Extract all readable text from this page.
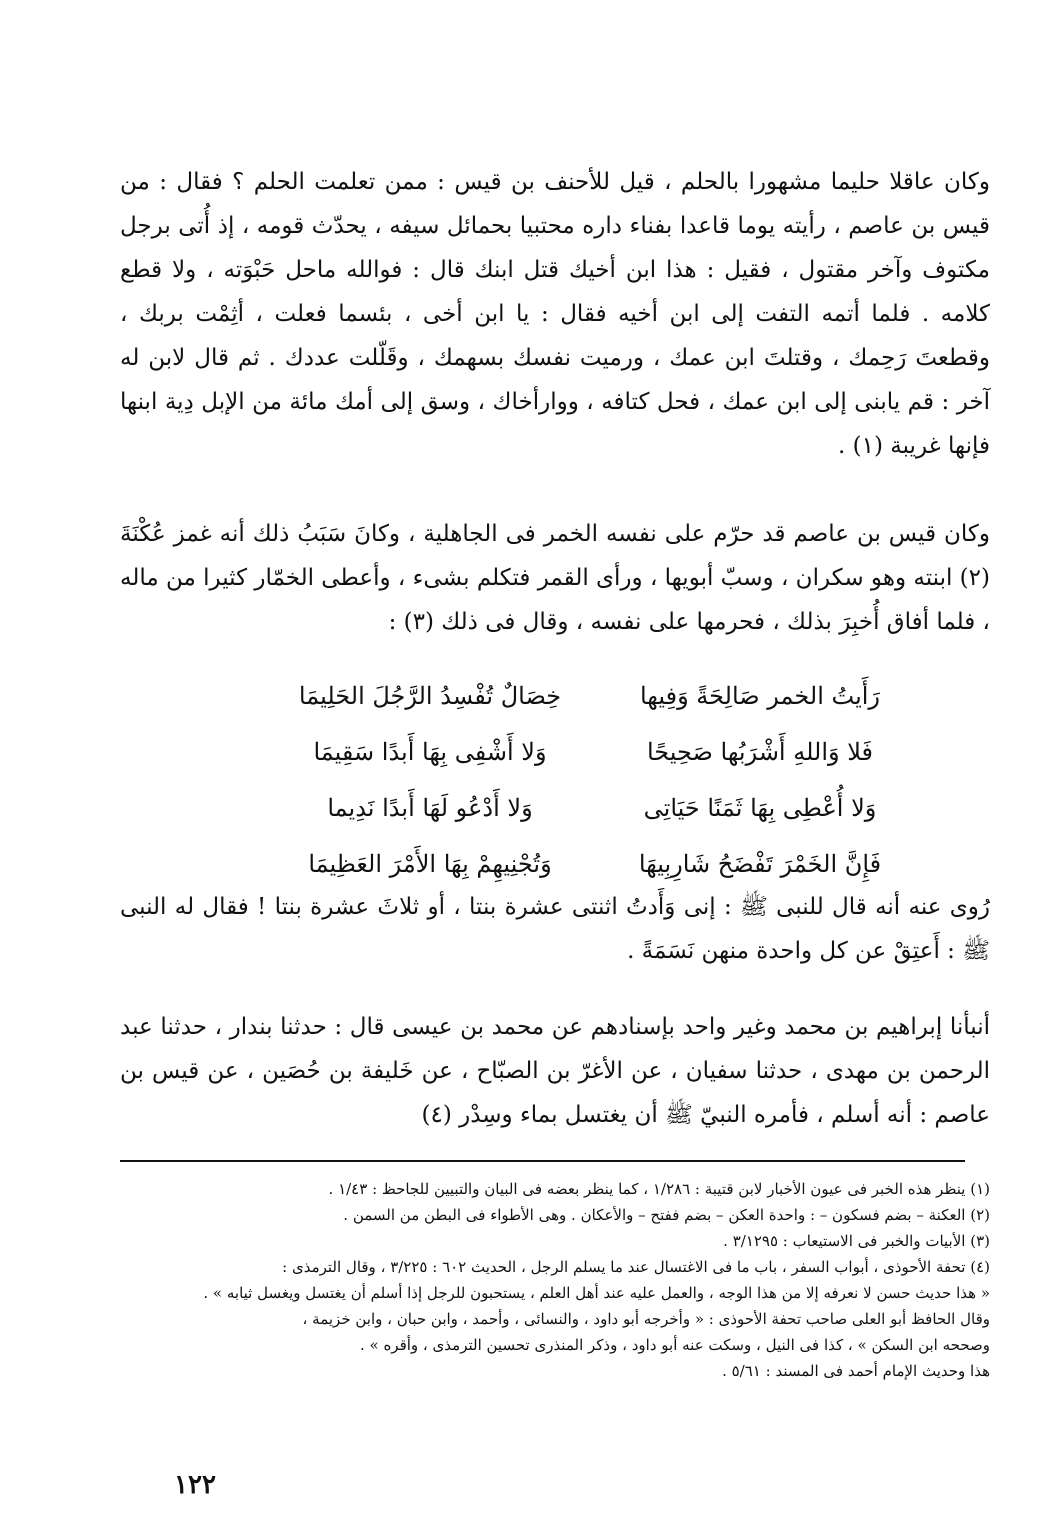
وكان عاقلا حليما مشهورا بالحلم ، قيل للأحنف بن قيس : ممن تعلمت الحلم ؟ فقال : من قيس بن عاصم ، رأيته يوما قاعدا بفناء داره محتبيا بحمائل سيفه ، يحدّث قومه ، إذ أُتى برجل مكتوف وآخر مقتول ، فقيل : هذا ابن أخيك قتل ابنك قال : فوالله ماحل حَبْوَته ، ولا قطع كلامه . فلما أتمه التفت إلى ابن أخيه فقال : يا ابن أخى ، بئسما فعلت ، أثِمْت بربك ، وقطعتَ رَحِمك ، وقتلتَ ابن عمك ، ورميت نفسك بسهمك ، وقَلّلت عددك . ثم قال لابن له آخر : قم يابنى إلى ابن عمك ، فحل كتافه ، ووارأخاك ، وسق إلى أمك مائة من الإبل دِية ابنها فإنها غريبة (١) .
وكان قيس بن عاصم قد حرّم على نفسه الخمر فى الجاهلية ، وكانَ سَبَبُ ذلك أنه غمز عُكْنَةَ (٢) ابنته وهو سكران ، وسبّ أبويها ، ورأى القمر فتكلم بشىء ، وأعطى الخمّار كثيرا من ماله ، فلما أفاق أُخبِرَ بذلك ، فحرمها على نفسه ، وقال فى ذلك (٣) :
رَأَيتُ الخمر صَالِحَةً وَفِيها
خِصَالٌ تُفْسِدُ الرَّجُلَ الحَلِيمَا
فَلا وَاللهِ أَشْرَبُها صَحِيحًا
وَلا أَشْفِى بِهَا أَبدًا سَقِيمَا
وَلا أُعْطِى بِهَا ثَمَنًا حَيَاتِى
وَلا أَدْعُو لَهَا أَبدًا نَدِيما
فَإِنَّ الخَمْرَ تَفْضَحُ شَارِبِيهَا
وَتُجْنِيهِمْ بِهَا الأَمْرَ العَظِيمَا
رُوى عنه أنه قال للنبى ﷺ : إنى وَأَدتُ اثنتى عشرة بنتا ، أو ثلاثَ عشرة بنتا ! فقال له النبى ﷺ : أَعتِقْ عن كل واحدة منهن نَسَمَةً .
أنبأنا إبراهيم بن محمد وغير واحد بإسنادهم عن محمد بن عيسى قال : حدثنا بندار ، حدثنا عبد الرحمن بن مهدى ، حدثنا سفيان ، عن الأغرّ بن الصبّاح ، عن خَليفة بن حُصَين ، عن قيس بن عاصم : أنه أسلم ، فأمره النبيّ ﷺ أن يغتسل بماء وسِدْر (٤)
(١) ينظر هذه الخبر فى عيون الأخبار لابن قتيبة : ١/٢٨٦ ، كما ينظر بعضه فى البيان والتبيين للجاحظ : ١/٤٣ .
(٢) العكنة – بضم فسكون – : واحدة العكن – بضم ففتح – والأعكان . وهى الأطواء فى البطن من السمن .
(٣) الأبيات والخبر فى الاستيعاب : ٣/١٢٩٥ .
(٤) تحفة الأحوذى ، أبواب السفر ، باب ما فى الاغتسال عند ما يسلم الرجل ، الحديث ٦٠٢ : ٣/٢٢٥ ، وقال الترمذى :
« هذا حديث حسن لا نعرفه إلا من هذا الوجه ، والعمل عليه عند أهل العلم ، يستحبون للرجل إذا أسلم أن يغتسل ويغسل ثيابه » .
وقال الحافظ أبو العلى صاحب تحفة الأحوذى : « وأخرجه أبو داود ، والنسائى ، وأحمد ، وابن حبان ، وابن خزيمة ،
وصححه ابن السكن » ، كذا فى النيل ، وسكت عنه أبو داود ، وذكر المنذرى تحسين الترمذى ، وأقره » .
هذا وحديث الإمام أحمد فى المسند : ٥/٦١ .
١٢٢
